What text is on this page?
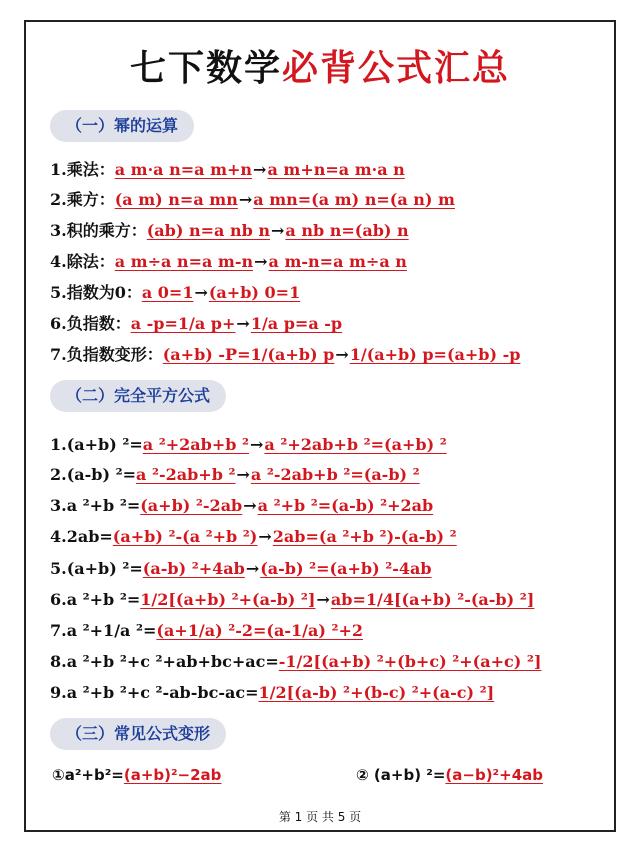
七下数学必背公式汇总
（一）幂的运算
1.乘法：a m·a n=a m+n→a m+n=a m·a n
2.乘方：(a m) n=a mn→a mn=(a m) n=(a n) m
3.积的乘方：(ab) n=a nb n→a nb n=(ab) n
4.除法：a m÷a n=a m-n→a m-n=a m÷a n
5.指数为0：a 0=1→(a+b) 0=1
6.负指数：a -p=1/a p+→1/a p=a -p
7.负指数变形：(a+b) -P=1/(a+b) p→1/(a+b) p=(a+b) -p
（二）完全平方公式
1.(a+b) ²=a ²+2ab+b ²→a ²+2ab+b ²=(a+b) ²
2.(a-b) ²=a ²-2ab+b ²→a ²-2ab+b ²=(a-b) ²
3.a ²+b ²=(a+b) ²-2ab→a ²+b ²=(a-b) ²+2ab
4.2ab=(a+b) ²-(a ²+b ²)→2ab=(a ²+b ²)-(a-b) ²
5.(a+b) ²=(a-b) ²+4ab→(a-b) ²=(a+b) ²-4ab
6.a ²+b ²=1/2[(a+b) ²+(a-b) ²]→ab=1/4[(a+b) ²-(a-b) ²]
7.a ²+1/a ²=(a+1/a) ²-2=(a-1/a) ²+2
8.a ²+b ²+c ²+ab+bc+ac=-1/2[(a+b) ²+(b+c) ²+(a+c) ²]
9.a ²+b ²+c ²-ab-bc-ac=1/2[(a-b) ²+(b-c) ²+(a-c) ²]
（三）常见公式变形
①a²+b²=(a+b)²−2ab	② (a+b) ²=(a−b)²+4ab
第 1 页 共 5 页
